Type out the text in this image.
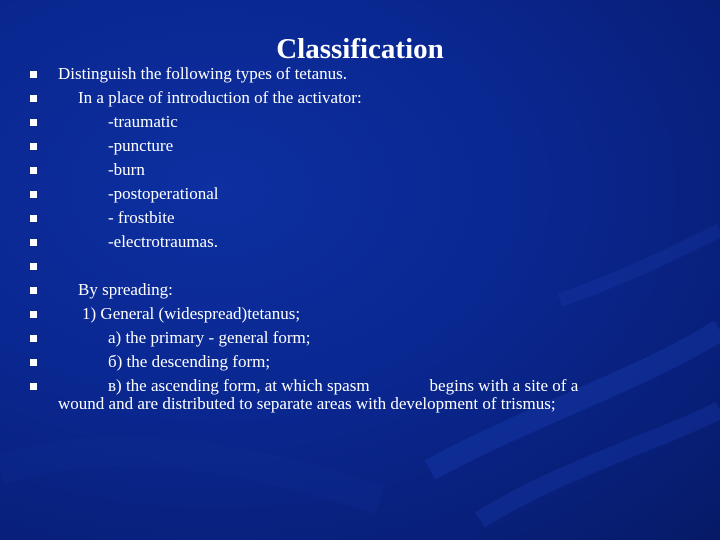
Classification
Distinguish the following types of tetanus.
In a place of introduction of the activator:
-traumatic
-puncture
-burn
-postoperational
- frostbite
-electrotraumas.
By spreading:
1) General (widespread)tetanus;
а) the primary - general form;
б) the descending form;
в) the ascending form, at which spasm	begins with a site of a
wound and are distributed to separate areas with development of trismus;
